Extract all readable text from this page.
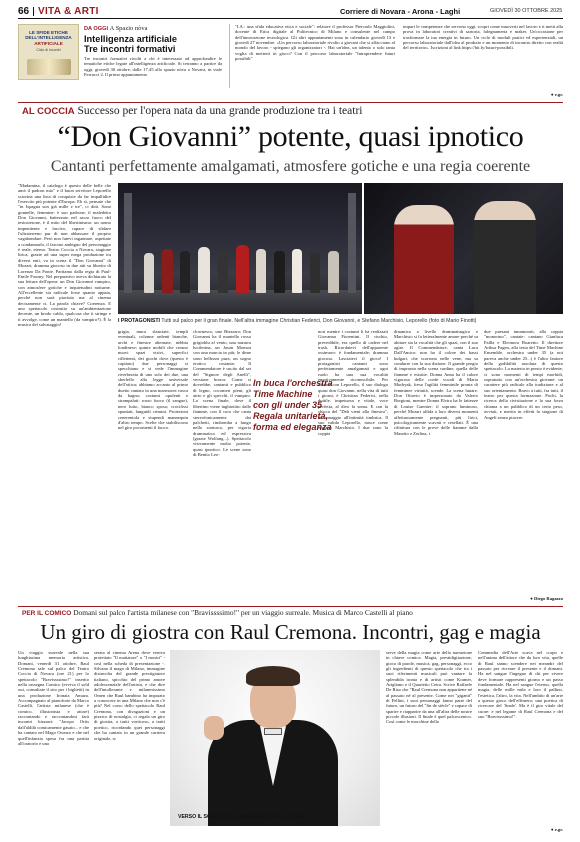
66 VITA & ARTI	Corriere di Novara - Arona - Laghi	GIOVEDÌ 30 OTTOBRE 2025
LE SFIDE ETICHE
DELL'INTELLIGENZA
ARTIFICIALE
Ciclo di incontri
DA OGGI A Spazio nòva
Intelligenza artificiale
Tre incontri formativi
Tre incontri formativi rivolti a chi è interessato ad approfondire le tematiche etiche legate all'intelligenza artificiale. Si terranno a partire da oggi, giovedì 30 ottobre, dalle 17.45 allo spazio nòva a Novara, in viale Ferrucci 2. Il primo appuntamento
"I.A.: una sfida educativa etica e sociale": relatore il professor Piercarlo Maggiolini, docente di Etica digitale al Politecnico di Milano e consulente nel campo dell'innovazione tecnologica. Gli altri appuntamenti sono in calendario giovedì 13 e giovedì 27 novembre. «Un percorso laboratoriale rivolto a giovani che si affacciano al mondo del lavoro - spiegano gli organizzatori -. Hai un'idea, un talento o solo tanta voglia di metterti in gioco? Con il percorso laboratoriale "Intraprendere futuri possibili"
impari le competenze che servono oggi, scopri come muoverti nel lavoro e ti metti alla prova in laboratori creativi di sartoria, falegnameria e maker. Un'occasione per trasformare la tua energia in futuro. Un ciclo di moduli pratici ed esperienziali, un percorso laboratoriale dall'idea al prodotto e un momento di incontro diretto con realtà del territorio». Iscrizioni al link https://bit.ly/futuri-possibili.
● e.gr.
AL COCCIA Successo per l'opera nata da una grande produzione tra i teatri
“Don Giovanni” potente, quasi ipnotico
Cantanti perfettamente amalgamati, atmosfere gotiche e una regia coerente
"Madamina, il catalogo è questo delle belle che amò il padron mio" e il buon servitore Leporello sciorina una lista di conquiste da far impallidire l'esercito più potente d'Europa. Eh sì, pensate che "in Ispagna son già mille e tre", ci dirà. Sono gonnelle, femmine: è suo padrone, il maledetto Don Giovanni, battezzato nel sacro fuoco del testosterone, è il mito del libertinismo: un uomo impenitente e lascivo, capace di sfidare l'ultraterreno pur di non abbassare il proprio vagabondare. Però non fatevi ingannare, aspettate a condannarlo, il fascino ambiguo del personaggio è reale, eterno. Teatro Coccia a Novara, stagione lirica, grazie ad una super mega produzione tra diversi enti, va in scena il "Don Giovanni" di Mozart, dramma giocoso in due atti su libretto di Lorenzo Da Ponte. Partiamo dalla regia di Paul-Emile Fourny. Nel preparativo aveva dichiarato la sua lettura dell'opera: un Don Giovanni vampiro, con atmosfere gotiche e inquietudini notturne. All'eccellente sia radicale forse quanto appaia, perché non sarà piaciuto ma al cinema decisamente ci. La parola chiave? Coerenza. E uno spettacolo costruito su un'ambientazione decente, un brodo caldo, qualcosa che ti stringe e ti avvolge, come un mantello (da vampiro?). È la musica del salvataggio!
I PROTAGONISTI Tutti sul palco per il gran finale. Nell'altra immagine Christian Federici, Don Giovanni, e Stefano Marchisio, Leporello (foto di Mario Finotti)
grigia, mura slanciate, templi eventuali, colonne ardenti bianche, archi e finestre alternate, nebbia londinese; quinte mobili che creano nuovi spazi visivi, superfici riflettenti, dei giochi dove (questo è capitato) due personaggi si specchiano e si vede l'immagine riverberata di uno solo dei due, una sberleffo alla legge universale dell'ottica; abbiamo accanto al primo duetto cantato in una marmorea vasca da bagno; costumi opulenti e strampalati: rosso fuoco (il sangue), nero lutto, bianco sposo; crocifissi spuntati, languidi crimini. Proiezioni cenerentola e stupendi mannequin d'altro tempo. Scelte che stabiliscono nel giro pocomenti il fuoco.
clownesco, uno Bizzarro; Don Giovanni ha il mantello rosso grigioblu al vento, una nazarra luciferina, un Jason Momoa con una marcia in più; le dime sono bellezza pura, un sogno erotico costante; Il Commendatore è uscito dal set del "Signore degli Anelli", versione horror. Come si dovrebbe, cantanti e pubblico di legno, cocomeri pieni, gli atrio e gli specchi, il vampiro. La scena finale, dove il libertino viene inghiottito dalle fiamme, con il coro che canta stereofonicamente dai palchetti, rimbomba a lungo nello stomaco, per vigoria drammatica ed espressiva (grazie Wolfang...). Spettacolo visivamente molto potente, quasi ipnotico. Le scene sono di Benito Leo-
In buca l'orchestra
Time Machine
con gli under 35
Regala unitarietà,
forma ed eleganza
nori mentre i costumi li ha realizzati Giovanna Fiorentini. Il rischio, prevedibile, era quello di cadere nel trash. Ricordatevi dell'apparente ossimoro: è fondamentale; dramma giocoso. Lasciatecì il gioco! I protagonisti cantanti sono perfettamente amalgamati e ogni ruolo ha una sua vocalità emotivamente riconoscibile. Per rifinire con Leporello, il suo dialogo quasi don Giovanni, nella vita di tutti i giorni, è Christian Federici, nella duttile, impetuosa e vitale, voce perfetta, al divo la soma. E con la chicca del "Deh vieni alla finestra", un omaggio all'intimità timbrica. Il suo valida Leporello, nasce come Stefano Marchisio. I due sono la coppia
dinamica a livello drammaturgico e Marchisio si fa letteralmente amare perché sa abitare sia la vocalità che gli spazi, con il suo agire. Il Commendatore, canta Luca Dall'Amico: non ha il colore dei bassi bulgari, che scorrono nelle vene, ma sa condurre con la sua dizione. Il grande pregio di impronta nella scena cardine, quella delle fiamme e esistite. Donna Anna ha il calore vigoroso delle corde vocali di Maria Mudryak, fresa l'agilità femminile pronta di femminee virtuità, scende. La scena lunare. Don Ottavio è impersonato da Valerio Borgioni, mentre Donna Elvira ha le fattezze di Louise Guenter: il soprano luminoso, perché Mozart affida a loro diversi momenti affettuosamente pregnanti, più lirici, psicologicamente scavati e cesellati. È una rifinitura con le prove delle fiamme dalla Masetto e Zerlina, i
due paesani innamorati, alla coppia "monorino", cantate: cantano Gianluca Failla e Eleonora Boaretto. Il direttore Arthur Fagen, alla testa del Time Machine Ensemble, orchestra under 35 (a noi pareva anche under 25...) è l'altro fautore della godibilità assoluta di questo spettacolo. La materia in presto è evidente, ci sono momenti di tempi morbidi, sopratutto con un'orchestra giovane: un carattere più radicale alla tradizione e al suo orientamento. Bravo a tutti, fra tutti, il teatro per questa formazione. Pochi, la ricerca della rivisitazione e la sua forza chiama a un pubblico di un certo peso, avviati, e merita in effetti la stagione di Angeli senza piacere.
● Diego Ragazzo
PER IL COMICO Domani sul palco l'artista milanese con "Bravissssimo!" per un viaggio surreale. Musica di Marco Castelli al piano
Un giro di giostra con Raul Cremona. Incontri, gag e magia
Un viaggio surreale nella sua lunghissima memoria artistica. Domani, venerdì 31 ottobre, Raul Cremona sale sul palco del Teatro Coccia di Novara (ore 21) per lo spettacolo "Bravissssimo!" inserito nella rassegna Comico (evviva il sold out, consultate il sito per i biglietti) in una produzione Ironaia Amaza. Accompagnato al pianoforte da Marco Castelli, l'artista milanese (che è comico, illusionista e attore) raccontando e raccontandosi farà incontri bizzarri: "Jacopo Ortis dall'aldilà comicamente gasato... e che ha cantato nel Mago Oronzo e che nel quell'infanzia spesa fra una partita all'oratorio e una
serata al cinema Arena dove veniva proiettato "Il mattatore" o "I mostri" - così nella scheda di presentazione -. Silvano il mago di Milano, immagine disinvolta del grande prestigiatore italiano, spicchio del primo amore adolescenziale dell'artista, e che dire dell'intollerante e milanesissimo Omen che Raul bambino ha imparato a conoscere in una Milano che non c'è più? Nel corso dello spettacolo Raul Cremona, con divagazioni e un pizzico di nostalgia, ci regala un giro di giostra, a tratti vorticoso, a tratti poetico, ricordando quei personaggi che ha cantato in un grande carriera originale, si
VERSO IL SOLD OUT Lo spettacolo con Raul Cremona
serve della magia come arte della narrazione in chiave comica. Magia, prestidigitazione, gioco di parole, musica, gag, personaggi, ecco gli ingredienti di questo spettacolo che tra i suoi riferimenti musicali può vantare la splendida ironia e di artisti come Kramer, Arigliano e il Quartetto Cetra. Scrive Raffaele De Riso che "Raul Cremona non appartiene né al passato né al presente. Come nei "giganti" di Fellini, i suoi personaggi fanno parte del futuro, un futuro del "fin de siècle" e capace di sparire e riapparire da una all'altra delle nostre piccole illusioni. Il finale è quel palcoscenico. Così come le macchine della
Commedia dell'Arte scava nel corpo e nell'anima dell'attore che da loro vita, quelle di Raul sanno scendere nei meandri del passato per ricreare il presente e il domani. Ha nel sangue l'ingegno di chi per vivere deve formare rappresenti giorno e un passo fondamentale. Ha nel sangue l'eterno, quella magia, delle mille mila e loro il pallino, l'estetica, l'altro, la vita. Nell'ambito di un'arte a questo gioco dell'effimero; una poetica di ricercare del 'finale'. Ma è il giro vitale del cuore: e nel legame di Raul Cremona e del suo "Bravissssimo!".
● e.gr.
